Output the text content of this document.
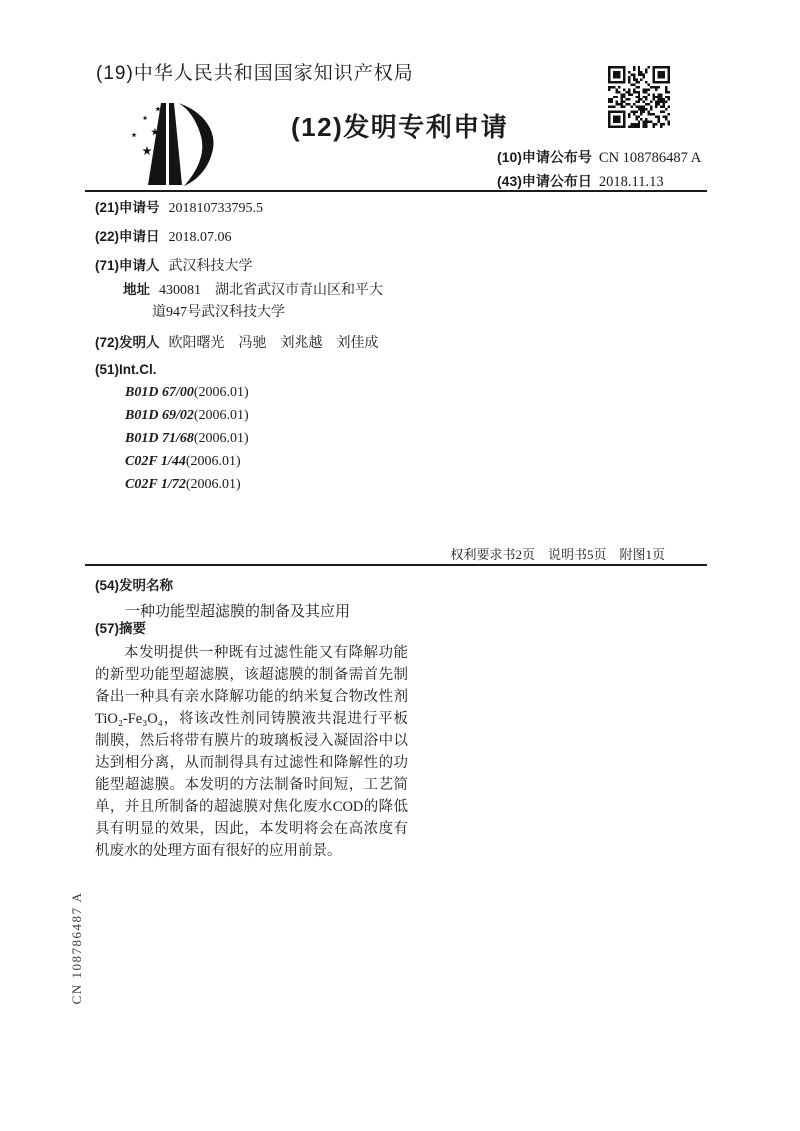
(19)中华人民共和国国家知识产权局
(12)发明专利申请
(10)申请公布号 CN 108786487 A
(43)申请公布日 2018.11.13
(21)申请号 201810733795.5
(22)申请日 2018.07.06
(71)申请人 武汉科技大学
地址 430081　湖北省武汉市青山区和平大
道947号武汉科技大学
(72)发明人 欧阳曙光　冯驰　刘兆越　刘佳成
(51)Int.Cl.
B01D 67/00(2006.01)
B01D 69/02(2006.01)
B01D 71/68(2006.01)
C02F 1/44(2006.01)
C02F 1/72(2006.01)
权利要求书2页　说明书5页　附图1页
(54)发明名称
一种功能型超滤膜的制备及其应用
(57)摘要
本发明提供一种既有过滤性能又有降解功能的新型功能型超滤膜，该超滤膜的制备需首先制备出一种具有亲水降解功能的纳米复合物改性剂TiO₂-Fe₃O₄，将该改性剂同铸膜液共混进行平板制膜，然后将带有膜片的玻璃板浸入凝固浴中以达到相分离，从而制得具有过滤性和降解性的功能型超滤膜。本发明的方法制备时间短，工艺简单，并且所制备的超滤膜对焦化废水COD的降低具有明显的效果，因此，本发明将会在高浓度有机废水的处理方面有很好的应用前景。
CN 108786487 A
